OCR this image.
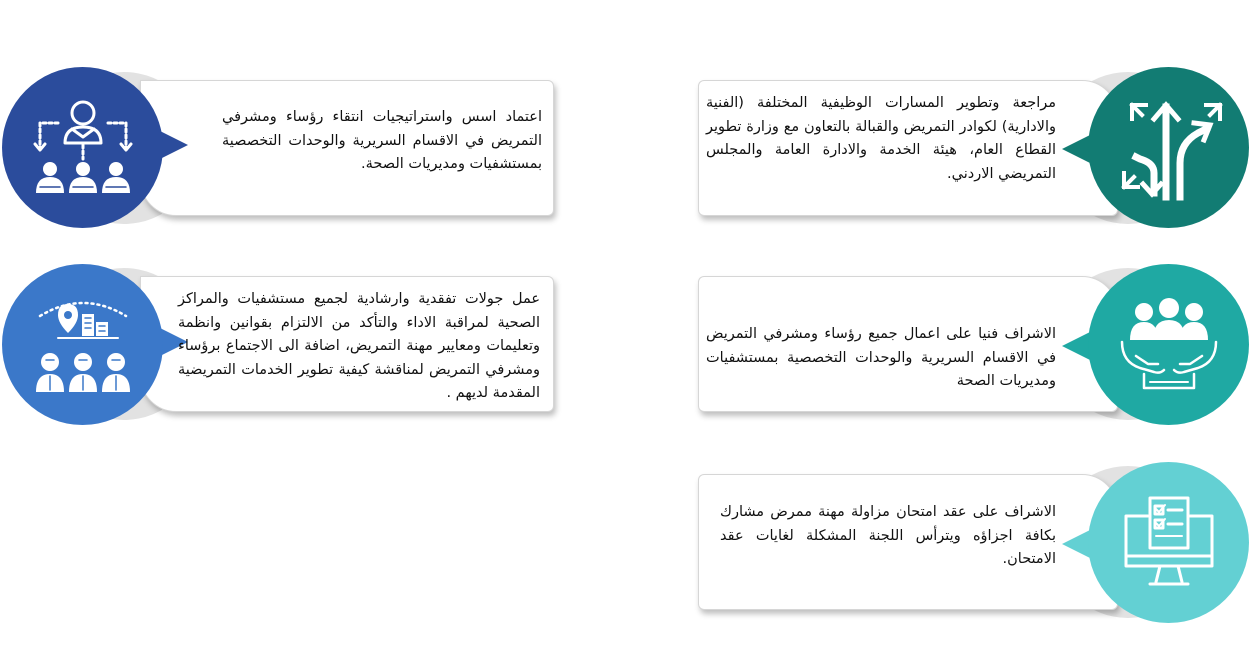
اعتماد اسس واستراتيجيات انتقاء رؤساء ومشرفي التمريض في الاقسام السريرية والوحدات التخصصية بمستشفيات ومديريات الصحة.
مراجعة وتطوير المسارات الوظيفية المختلفة (الفنية والادارية) لكوادر التمريض والقبالة بالتعاون مع وزارة تطوير القطاع العام، هيئة الخدمة والادارة العامة والمجلس التمريضي الاردني.
عمل جولات تفقدية وارشادية لجميع مستشفيات والمراكز الصحية لمراقبة الاداء والتأكد من الالتزام بقوانين وانظمة وتعليمات ومعايير مهنة التمريض، اضافة الى الاجتماع برؤساء ومشرفي التمريض لمناقشة كيفية تطوير الخدمات التمريضية المقدمة لديهم .
الاشراف فنيا على اعمال جميع رؤساء ومشرفي التمريض في الاقسام السريرية والوحدات التخصصية بمستشفيات ومديريات الصحة
الاشراف على عقد امتحان مزاولة مهنة ممرض مشارك بكافة اجزاؤه ويترأس اللجنة المشكلة لغايات عقد الامتحان.
